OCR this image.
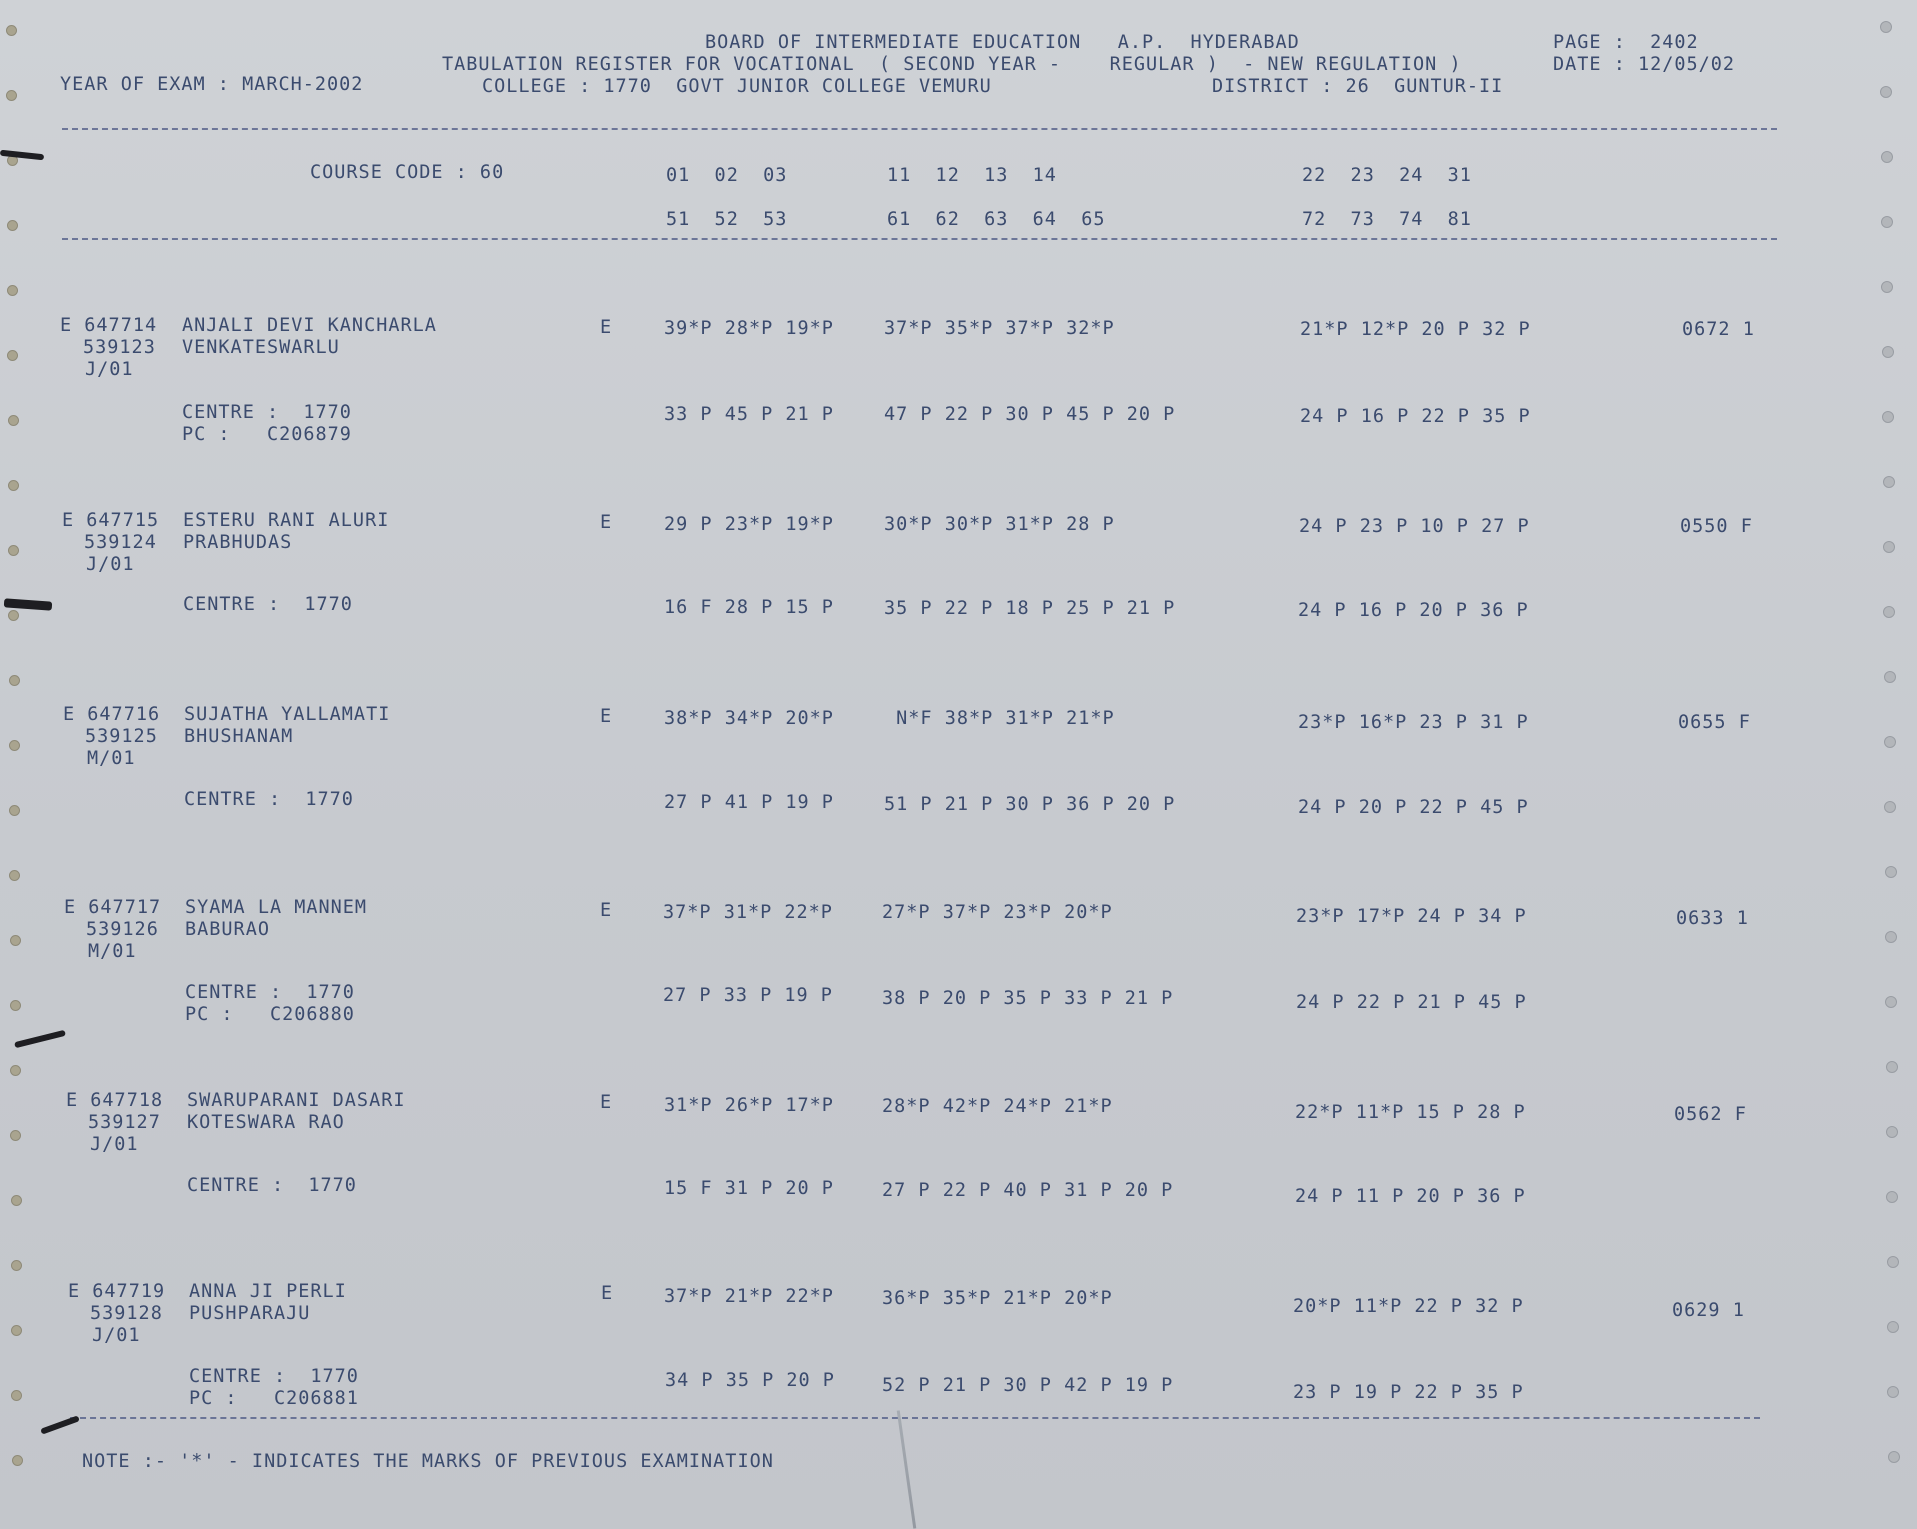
BOARD OF INTERMEDIATE EDUCATION   A.P.  HYDERABAD
TABULATION REGISTER FOR VOCATIONAL  ( SECOND YEAR -    REGULAR )  - NEW REGULATION )
COLLEGE : 1770  GOVT JUNIOR COLLEGE VEMURU	DISTRICT : 26  GUNTUR-II
YEAR OF EXAM : MARCH-2002
PAGE :  2402
DATE : 12/05/02
COURSE CODE : 60	01  02  03	11  12  13  14	22  23  24  31
51  52  53	61  62  63  64  65	72  73  74  81
E 647714
539123
J/01
ANJALI DEVI KANCHARLA
VENKATESWARLU
E	39*P 28*P 19*P	37*P 35*P 37*P 32*P	21*P 12*P 20 P 32 P	0672 1
CENTRE :  1770
PC :   C206879
33 P 45 P 21 P	47 P 22 P 30 P 45 P 20 P	24 P 16 P 22 P 35 P
E 647715
539124
J/01
ESTERU RANI ALURI
PRABHUDAS
E	29 P 23*P 19*P	30*P 30*P 31*P 28 P	24 P 23 P 10 P 27 P	0550 F
CENTRE :  1770	16 F 28 P 15 P	35 P 22 P 18 P 25 P 21 P	24 P 16 P 20 P 36 P
E 647716
539125
M/01
SUJATHA YALLAMATI
BHUSHANAM
E	38*P 34*P 20*P	N*F 38*P 31*P 21*P	23*P 16*P 23 P 31 P	0655 F
CENTRE :  1770	27 P 41 P 19 P	51 P 21 P 30 P 36 P 20 P	24 P 20 P 22 P 45 P
E 647717
539126
M/01
SYAMA LA MANNEM
BABURAO
E	37*P 31*P 22*P	27*P 37*P 23*P 20*P	23*P 17*P 24 P 34 P	0633 1
CENTRE :  1770
PC :   C206880
27 P 33 P 19 P	38 P 20 P 35 P 33 P 21 P	24 P 22 P 21 P 45 P
E 647718
539127
J/01
SWARUPARANI DASARI
KOTESWARA RAO
E	31*P 26*P 17*P	28*P 42*P 24*P 21*P	22*P 11*P 15 P 28 P	0562 F
CENTRE :  1770	15 F 31 P 20 P	27 P 22 P 40 P 31 P 20 P	24 P 11 P 20 P 36 P
E 647719
539128
J/01
ANNA JI PERLI
PUSHPARAJU
E	37*P 21*P 22*P	36*P 35*P 21*P 20*P	20*P 11*P 22 P 32 P	0629 1
CENTRE :  1770
PC :   C206881
34 P 35 P 20 P	52 P 21 P 30 P 42 P 19 P	23 P 19 P 22 P 35 P
NOTE :- '*' - INDICATES THE MARKS OF PREVIOUS EXAMINATION
